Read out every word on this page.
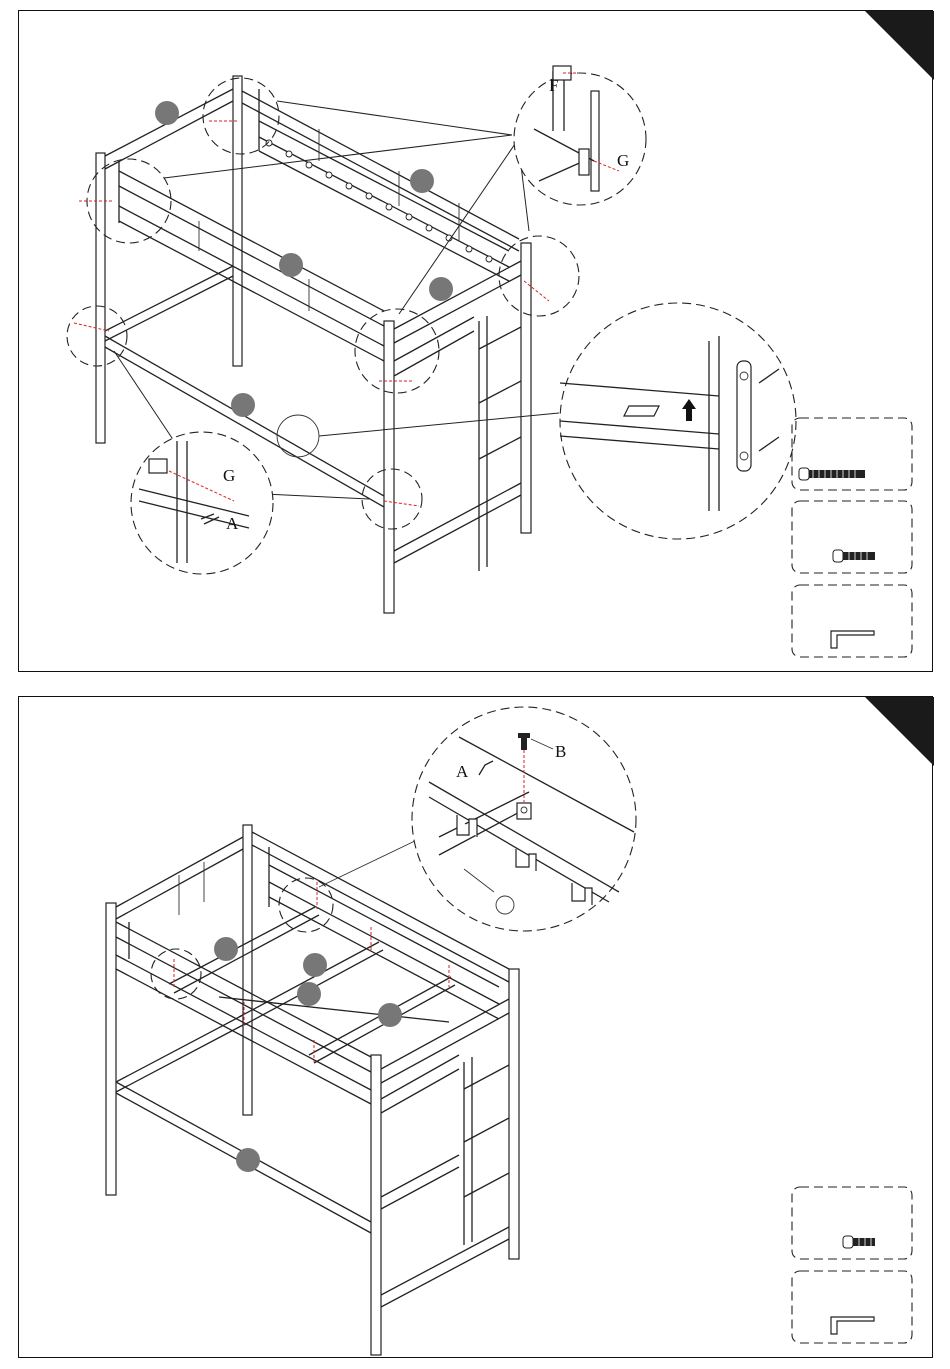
F
G
G
A
B
A
